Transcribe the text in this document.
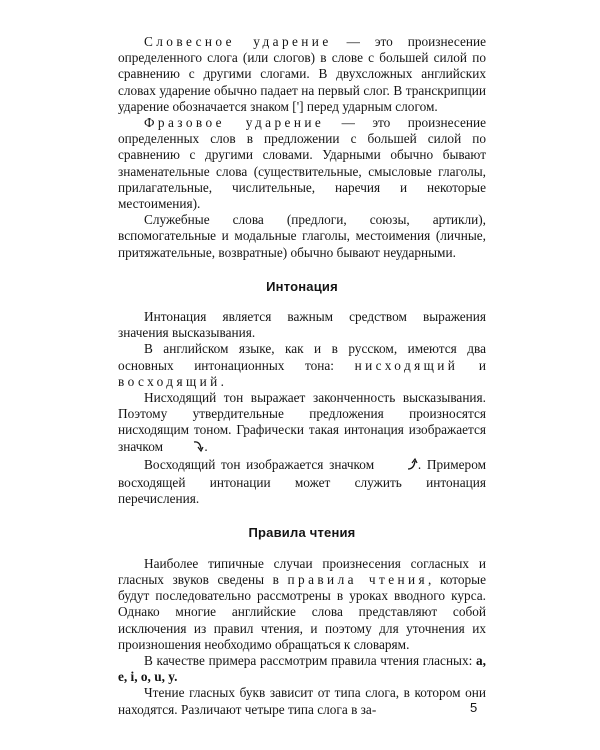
Словесное ударение — это произнесение определенного слога (или слогов) в слове с большей силой по сравнению с другими слогами. В двухсложных английских словах ударение обычно падает на первый слог. В транскрипции ударение обозначается знаком ['] перед ударным слогом.

Фразовое ударение — это произнесение определенных слов в предложении с большей силой по сравнению с другими словами. Ударными обычно бывают знаменательные слова (существительные, смысловые глаголы, прилагательные, числительные, наречия и некоторые местоимения).

Служебные слова (предлоги, союзы, артикли), вспомогательные и модальные глаголы, местоимения (личные, притяжательные, возвратные) обычно бывают неударными.

Интонация

Интонация является важным средством выражения значения высказывания.

В английском языке, как и в русском, имеются два основных интонационных тона: нисходящий и восходящий.

Нисходящий тон выражает законченность высказывания. Поэтому утвердительные предложения произносятся нисходящим тоном. Графически такая интонация изображается значком	.

Восходящий тон изображается значком	. Примером восходящей интонации может служить интонация перечисления.

Правила чтения

Наиболее типичные случаи произнесения согласных и гласных звуков сведены в правила чтения, которые будут последовательно рассмотрены в уроках вводного курса. Однако многие английские слова представляют собой исключения из правил чтения, и поэтому для уточнения их произношения необходимо обращаться к словарям.

В качестве примера рассмотрим правила чтения гласных: a, e, i, o, u, y.

Чтение гласных букв зависит от типа слога, в котором они находятся. Различают четыре типа слога в за-	5
